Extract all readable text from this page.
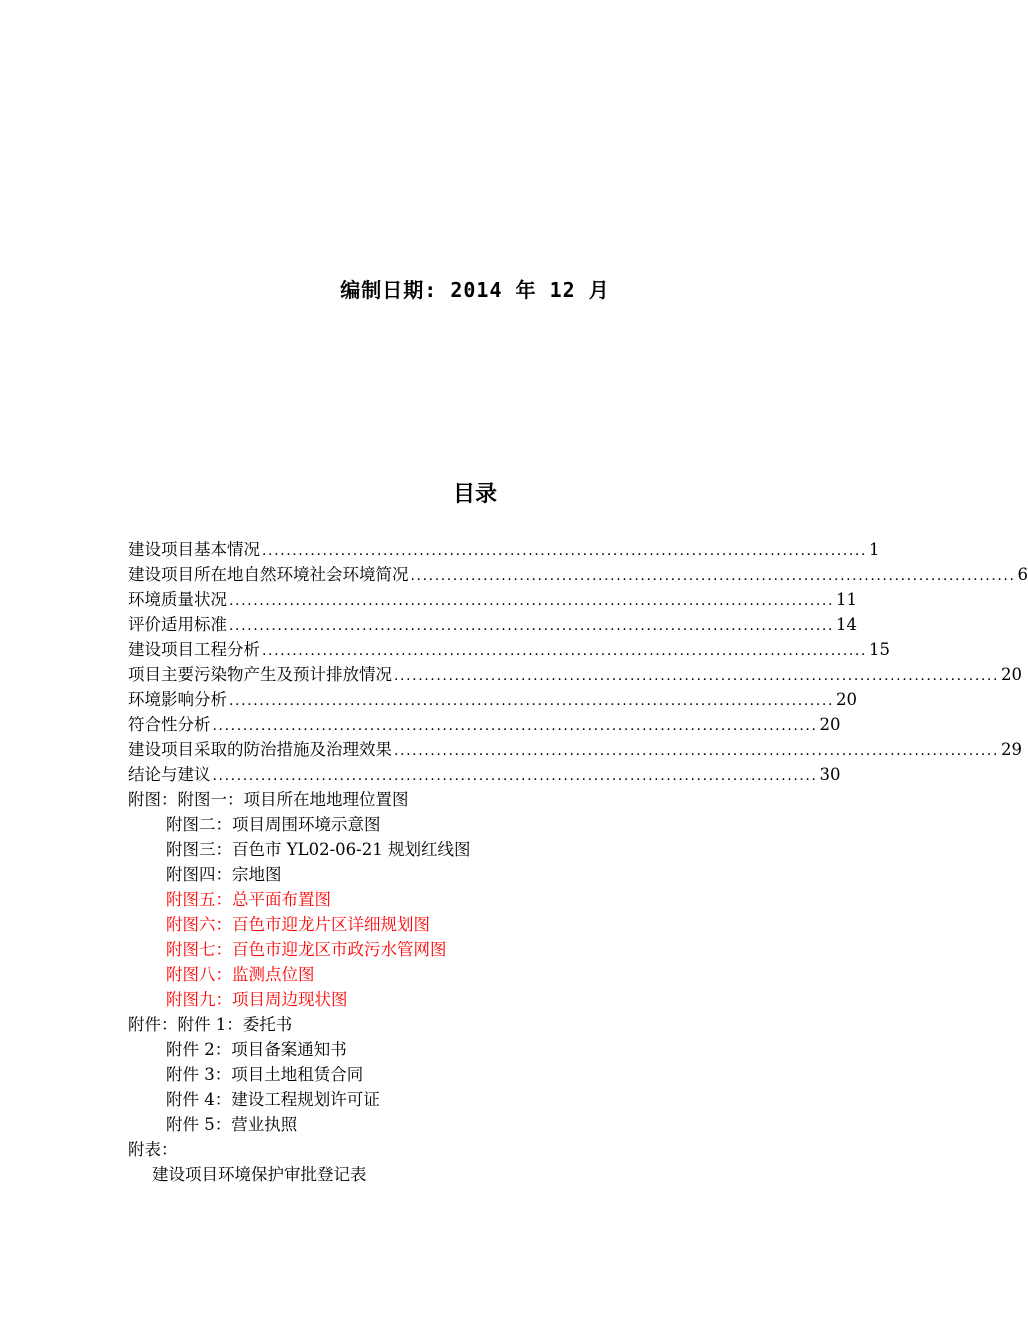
编制日期: 2014 年 12 月
目录
建设项目基本情况 .................................................................................................... 1
建设项目所在地自然环境社会环境简况 .................................................................................................... 6
环境质量状况 .................................................................................................... 11
评价适用标准 .................................................................................................... 14
建设项目工程分析 .................................................................................................... 15
项目主要污染物产生及预计排放情况 .................................................................................................... 20
环境影响分析 .................................................................................................... 20
符合性分析 .................................................................................................... 20
建设项目采取的防治措施及治理效果 .................................................................................................... 29
结论与建议 .................................................................................................... 30
附图：附图一：项目所在地地理位置图
附图二：项目周围环境示意图
附图三：百色市 YL02-06-21 规划红线图
附图四：宗地图
附图五：总平面布置图
附图六：百色市迎龙片区详细规划图
附图七：百色市迎龙区市政污水管网图
附图八：监测点位图
附图九：项目周边现状图
附件：附件 1：委托书
附件 2：项目备案通知书
附件 3：项目土地租赁合同
附件 4：建设工程规划许可证
附件 5：营业执照
附表：
建设项目环境保护审批登记表
